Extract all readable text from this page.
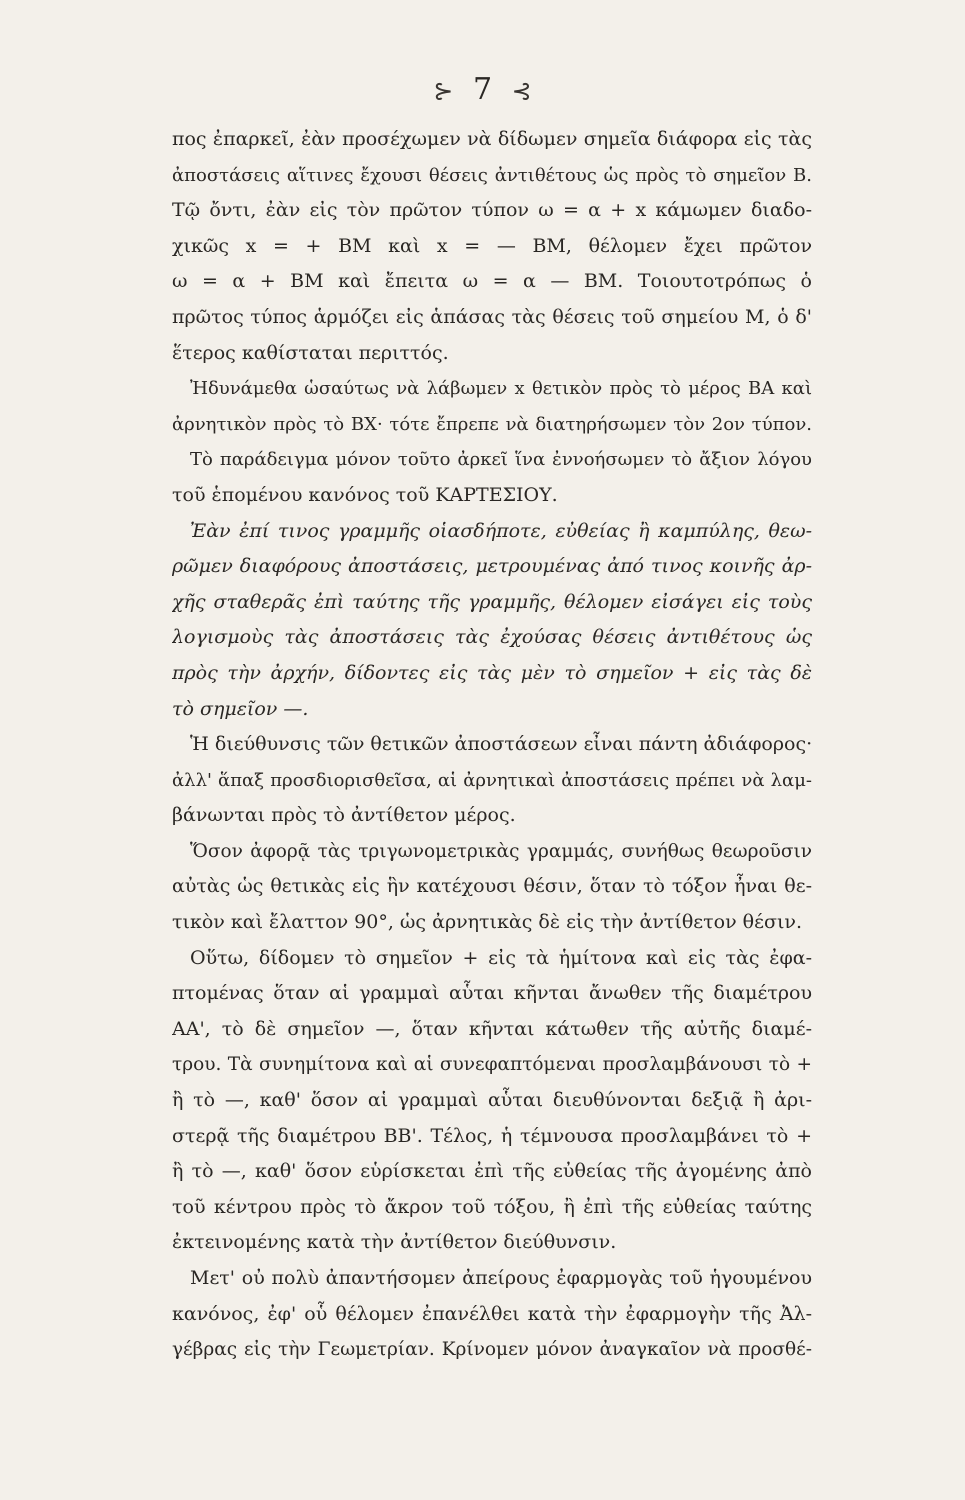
⊱ 7 ⊰
πος ἐπαρκεῖ, ἐὰν προσέχωμεν νὰ δίδωμεν σημεῖα διάφορα εἰς τὰς
ἀποστάσεις αἵτινες ἔχουσι θέσεις ἀντιθέτους ὡς πρὸς τὸ σημεῖον Β.
Τῷ ὄντι, ἐὰν εἰς τὸν πρῶτον τύπον ω = α + x κάμωμεν διαδο-
χικῶς x = + BM καὶ x = — BM, θέλομεν ἔχει πρῶτον
ω = α + BM καὶ ἔπειτα ω = α — BM. Τοιουτοτρόπως ὁ
πρῶτος τύπος ἁρμόζει εἰς ἁπάσας τὰς θέσεις τοῦ σημείου M, ὁ δ'
ἕτερος καθίσταται περιττός.
Ἠδυνάμεθα ὡσαύτως νὰ λάβωμεν x θετικὸν πρὸς τὸ μέρος BA καὶ
ἀρνητικὸν πρὸς τὸ BX· τότε ἔπρεπε νὰ διατηρήσωμεν τὸν 2ον τύπον.
Τὸ παράδειγμα μόνον τοῦτο ἀρκεῖ ἵνα ἐννοήσωμεν τὸ ἄξιον λόγου
τοῦ ἑπομένου κανόνος τοῦ ΚΑΡΤΕΣΙΟΥ.
Ἐὰν ἐπί τινος γραμμῆς οἱασδήποτε, εὐθείας ἢ καμπύλης, θεω-
ρῶμεν διαφόρους ἀποστάσεις, μετρουμένας ἀπό τινος κοινῆς ἀρ-
χῆς σταθερᾶς ἐπὶ ταύτης τῆς γραμμῆς, θέλομεν εἰσάγει εἰς τοὺς
λογισμοὺς τὰς ἀποστάσεις τὰς ἐχούσας θέσεις ἀντιθέτους ὡς
πρὸς τὴν ἀρχήν, δίδοντες εἰς τὰς μὲν τὸ σημεῖον + εἰς τὰς δὲ
τὸ σημεῖον —.
Ἡ διεύθυνσις τῶν θετικῶν ἀποστάσεων εἶναι πάντη ἀδιάφορος·
ἀλλ' ἅπαξ προσδιορισθεῖσα, αἱ ἀρνητικαὶ ἀποστάσεις πρέπει νὰ λαμ-
βάνωνται πρὸς τὸ ἀντίθετον μέρος.
Ὅσον ἀφορᾷ τὰς τριγωνομετρικὰς γραμμάς, συνήθως θεωροῦσιν
αὐτὰς ὡς θετικὰς εἰς ἣν κατέχουσι θέσιν, ὅταν τὸ τόξον ἦναι θε-
τικὸν καὶ ἔλαττον 90°, ὡς ἀρνητικὰς δὲ εἰς τὴν ἀντίθετον θέσιν.
Οὕτω, δίδομεν τὸ σημεῖον + εἰς τὰ ἡμίτονα καὶ εἰς τὰς ἐφα-
πτομένας ὅταν αἱ γραμμαὶ αὗται κῆνται ἄνωθεν τῆς διαμέτρου
AA', τὸ δὲ σημεῖον —, ὅταν κῆνται κάτωθεν τῆς αὐτῆς διαμέ-
τρου. Τὰ συνημίτονα καὶ αἱ συνεφαπτόμεναι προσλαμβάνουσι τὸ +
ἢ τὸ —, καθ' ὅσον αἱ γραμμαὶ αὗται διευθύνονται δεξιᾷ ἢ ἀρι-
στερᾷ τῆς διαμέτρου BB'. Τέλος, ἡ τέμνουσα προσλαμβάνει τὸ +
ἢ τὸ —, καθ' ὅσον εὑρίσκεται ἐπὶ τῆς εὐθείας τῆς ἀγομένης ἀπὸ
τοῦ κέντρου πρὸς τὸ ἄκρον τοῦ τόξου, ἢ ἐπὶ τῆς εὐθείας ταύτης
ἐκτεινομένης κατὰ τὴν ἀντίθετον διεύθυνσιν.
Μετ' οὐ πολὺ ἀπαντήσομεν ἀπείρους ἐφαρμογὰς τοῦ ἡγουμένου
κανόνος, ἐφ' οὗ θέλομεν ἐπανέλθει κατὰ τὴν ἐφαρμογὴν τῆς Ἀλ-
γέβρας εἰς τὴν Γεωμετρίαν. Κρίνομεν μόνον ἀναγκαῖον νὰ προσθέ-
